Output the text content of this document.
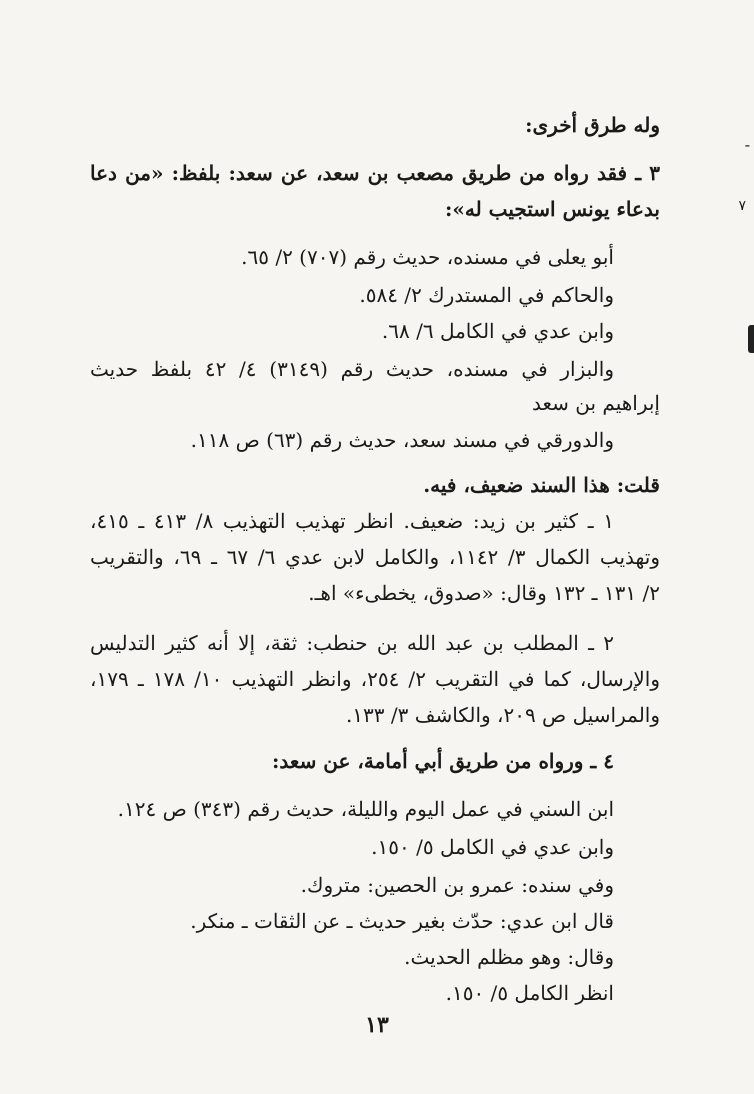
-
٧
وله طرق أخرى:
٣ ـ فقد رواه من طريق مصعب بن سعد، عن سعد: بلفظ: «من دعا
بدعاء يونس استجيب له»:
أبو يعلى في مسنده، حديث رقم (٧٠٧) ٢/ ٦٥.
والحاكم في المستدرك ٢/ ٥٨٤.
وابن عدي في الكامل ٦/ ٦٨.
والبزار في مسنده، حديث رقم (٣١٤٩) ٤/ ٤٢ بلفظ حديث
إبراهيم بن سعد
والدورقي في مسند سعد، حديث رقم (٦٣) ص ١١٨.
قلت: هذا السند ضعيف، فيه.
١ ـ كثير بن زيد: ضعيف. انظر تهذيب التهذيب ٨/ ٤١٣ ـ ٤١٥،
وتهذيب الكمال ٣/ ١١٤٢، والكامل لابن عدي ٦/ ٦٧ ـ ٦٩، والتقريب
٢/ ١٣١ ـ ١٣٢ وقال: «صدوق، يخطىء» اهـ.
٢ ـ المطلب بن عبد الله بن حنطب: ثقة، إلا أنه كثير التدليس
والإرسال، كما في التقريب ٢/ ٢٥٤، وانظر التهذيب ١٠/ ١٧٨ ـ ١٧٩،
والمراسيل ص ٢٠٩، والكاشف ٣/ ١٣٣.
٤ ـ ورواه من طريق أبي أمامة، عن سعد:
ابن السني في عمل اليوم والليلة، حديث رقم (٣٤٣) ص ١٢٤.
وابن عدي في الكامل ٥/ ١٥٠.
وفي سنده: عمرو بن الحصين: متروك.
قال ابن عدي: حدّث بغير حديث ـ عن الثقات ـ منكر.
وقال: وهو مظلم الحديث.
انظر الكامل ٥/ ١٥٠.
١٣
